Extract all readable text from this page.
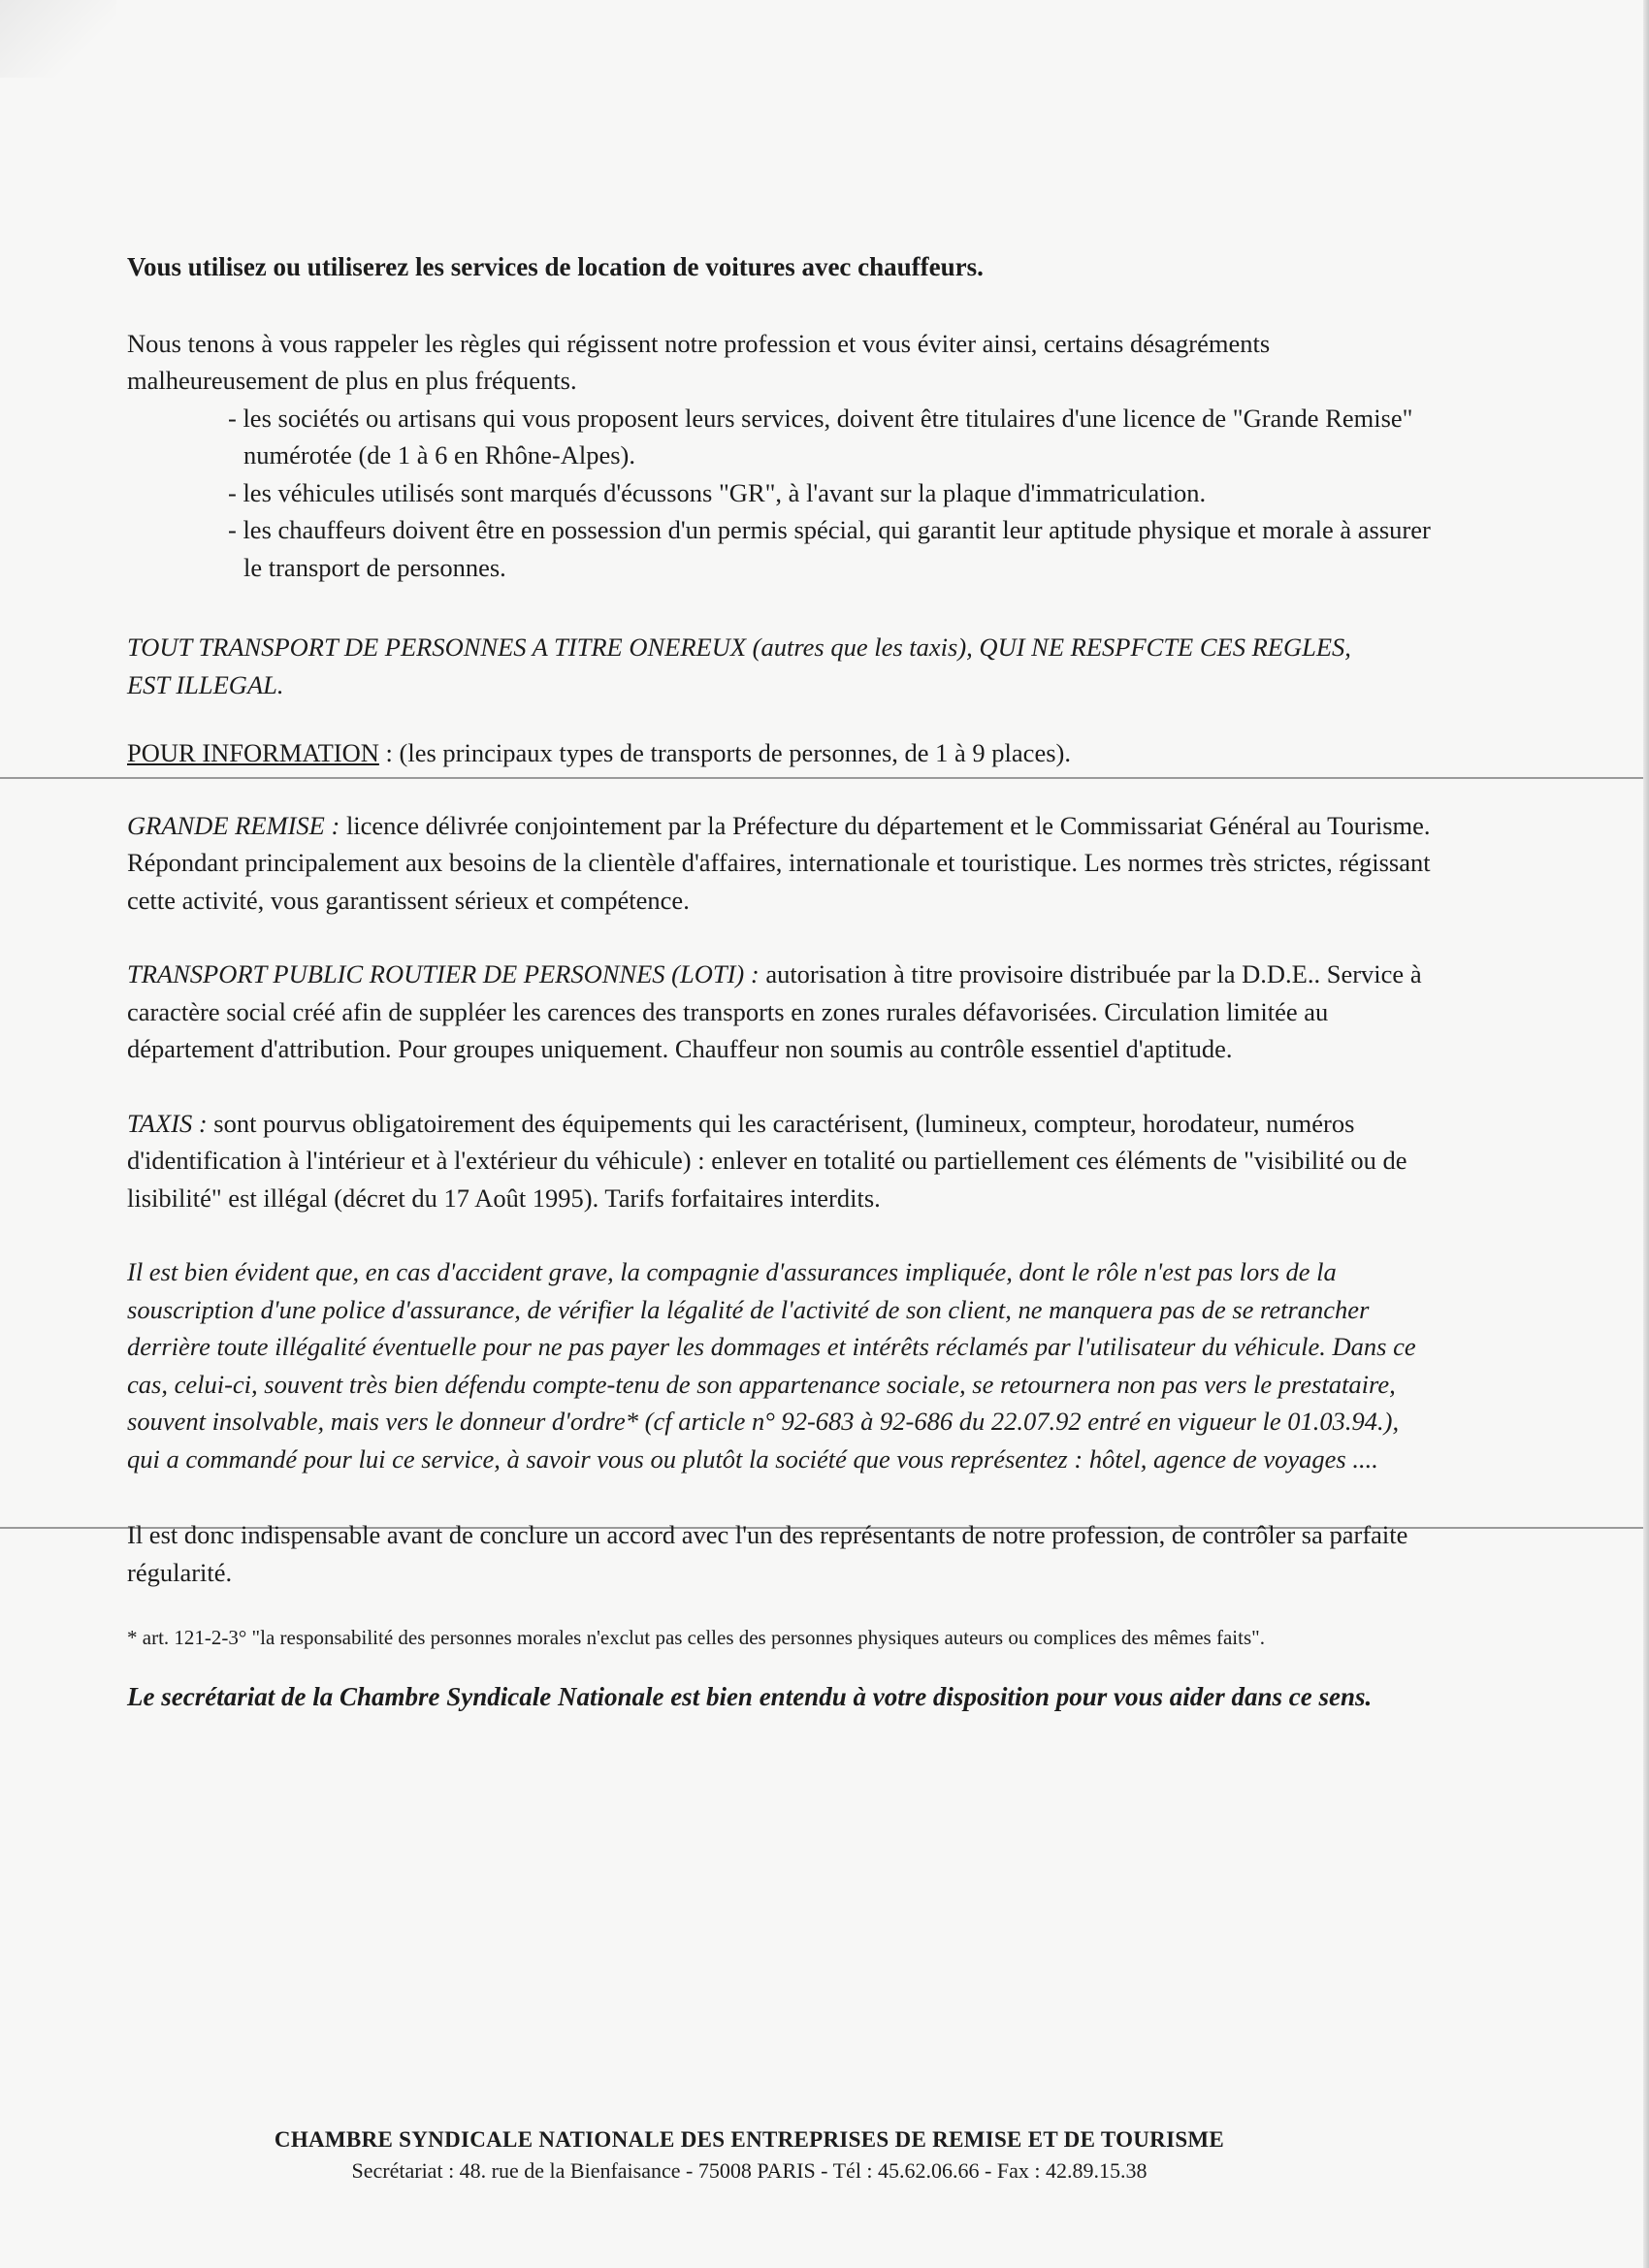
Vous utilisez ou utiliserez les services de location de voitures avec chauffeurs.

Nous tenons à vous rappeler les règles qui régissent notre profession et vous éviter ainsi, certains désagréments malheureusement de plus en plus fréquents.

- les sociétés ou artisans qui vous proposent leurs services, doivent être titulaires d'une licence de "Grande Remise" numérotée (de 1 à 6 en Rhône-Alpes).

- les véhicules utilisés sont marqués d'écussons "GR", à l'avant sur la plaque d'immatriculation.

- les chauffeurs doivent être en possession d'un permis spécial, qui garantit leur aptitude physique et morale à assurer le transport de personnes.

TOUT TRANSPORT DE PERSONNES A TITRE ONEREUX (autres que les taxis), QUI NE RESPFCTE CES REGLES, EST ILLEGAL.

POUR INFORMATION : (les principaux types de transports de personnes, de 1 à 9 places).

GRANDE REMISE : licence délivrée conjointement par la Préfecture du département et le Commissariat Général au Tourisme. Répondant principalement aux besoins de la clientèle d'affaires, internationale et touristique. Les normes très strictes, régissant cette activité, vous garantissent sérieux et compétence.

TRANSPORT PUBLIC ROUTIER DE PERSONNES (LOTI) : autorisation à titre provisoire distribuée par la D.D.E.. Service à caractère social créé afin de suppléer les carences des transports en zones rurales défavorisées. Circulation limitée au département d'attribution. Pour groupes uniquement. Chauffeur non soumis au contrôle essentiel d'aptitude.

TAXIS : sont pourvus obligatoirement des équipements qui les caractérisent, (lumineux, compteur, horodateur, numéros d'identification à l'intérieur et à l'extérieur du véhicule) : enlever en totalité ou partiellement ces éléments de "visibilité ou de lisibilité" est illégal (décret du 17 Août 1995). Tarifs forfaitaires interdits.

Il est bien évident que, en cas d'accident grave, la compagnie d'assurances impliquée, dont le rôle n'est pas lors de la souscription d'une police d'assurance, de vérifier la légalité de l'activité de son client, ne manquera pas de se retrancher derrière toute illégalité éventuelle pour ne pas payer les dommages et intérêts réclamés par l'utilisateur du véhicule. Dans ce cas, celui-ci, souvent très bien défendu compte-tenu de son appartenance sociale, se retournera non pas vers le prestataire, souvent insolvable, mais vers le donneur d'ordre* (cf article n° 92-683 à 92-686 du 22.07.92 entré en vigueur le 01.03.94.), qui a commandé pour lui ce service, à savoir vous ou plutôt la société que vous représentez : hôtel, agence de voyages ....

Il est donc indispensable avant de conclure un accord avec l'un des représentants de notre profession, de contrôler sa parfaite régularité.

* art. 121-2-3° "la responsabilité des personnes morales n'exclut pas celles des personnes physiques auteurs ou complices des mêmes faits".

Le secrétariat de la Chambre Syndicale Nationale est bien entendu à votre disposition pour vous aider dans ce sens.

CHAMBRE SYNDICALE NATIONALE DES ENTREPRISES DE REMISE ET DE TOURISME
Secrétariat : 48. rue de la Bienfaisance - 75008 PARIS - Tél : 45.62.06.66 - Fax : 42.89.15.38
